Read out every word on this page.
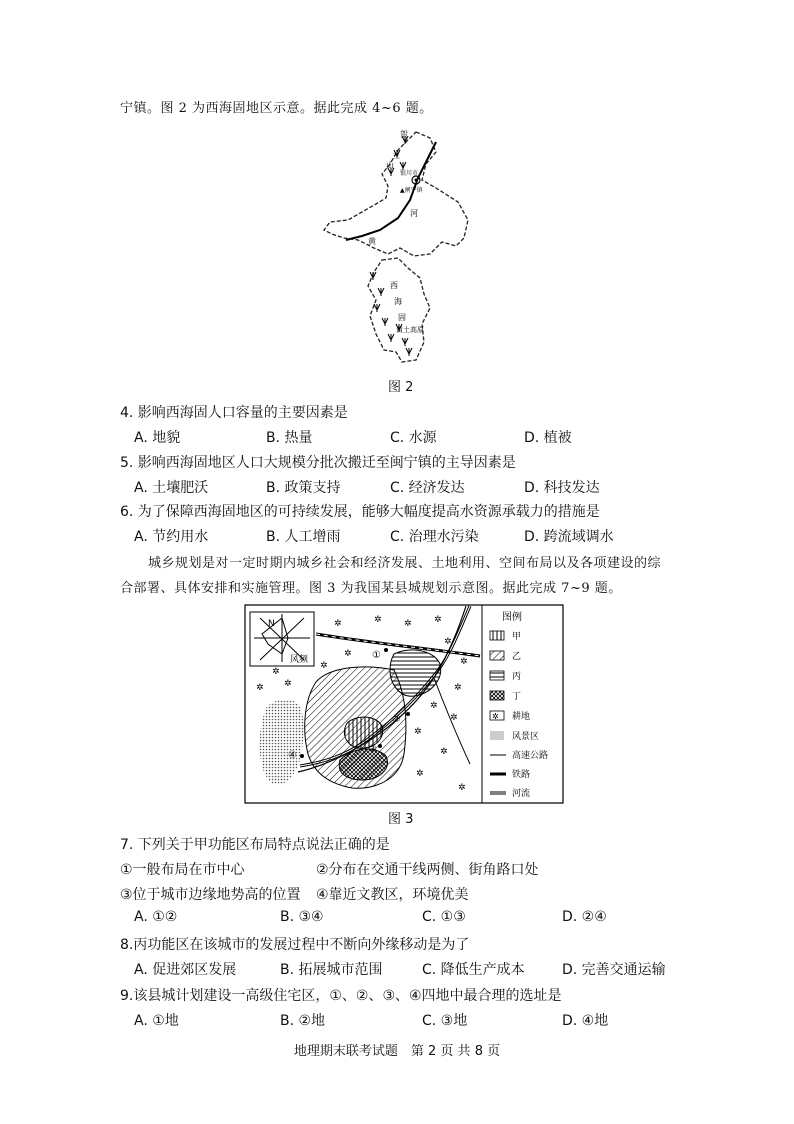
宁镇。图 2 为西海固地区示意。据此完成 4~6 题。
贺
兰
山
银川市
▲闸宁镇
河
黄
西
海
固
黄土高原
图 2
4. 影响西海固人口容量的主要因素是
A. 地貌	B. 热量	C. 水源	D. 植被
5. 影响西海固地区人口大规模分批次搬迁至闽宁镇的主导因素是
A. 土壤肥沃	B. 政策支持	C. 经济发达	D. 科技发达
6. 为了保障西海固地区的可持续发展，能够大幅度提高水资源承载力的措施是
A. 节约用水	B. 人工增雨	C. 治理水污染	D. 跨流域调水
城乡规划是对一定时期内城乡社会和经济发展、土地利用、空间布局以及各项建设的综
合部署、具体安排和实施管理。图 3 为我国某县城规划示意图。据此完成 7~9 题。
N
风频
✲	✲ ✲ ✲
✲
✲
✲ ✲	✲
✲
✲
✲
✲
✲
✲
✲
✲
✲
①
②
③
④
图例
✲
甲
乙
丙
丁
耕地
风景区
高速公路
铁路
河流
图 3
7. 下列关于甲功能区布局特点说法正确的是
①一般布局在市中心	②分布在交通干线两侧、街角路口处
③位于城市边缘地势高的位置 ④靠近文教区，环境优美
A. ①②	B. ③④	C. ①③	D. ②④
8.丙功能区在该城市的发展过程中不断向外缘移动是为了
A. 促进郊区发展	B. 拓展城市范围	C. 降低生产成本	D. 完善交通运输
9.该县城计划建设一高级住宅区，①、②、③、④四地中最合理的选址是
A. ①地	B. ②地	C. ③地	D. ④地
地理期末联考试题　第 2 页 共 8 页
